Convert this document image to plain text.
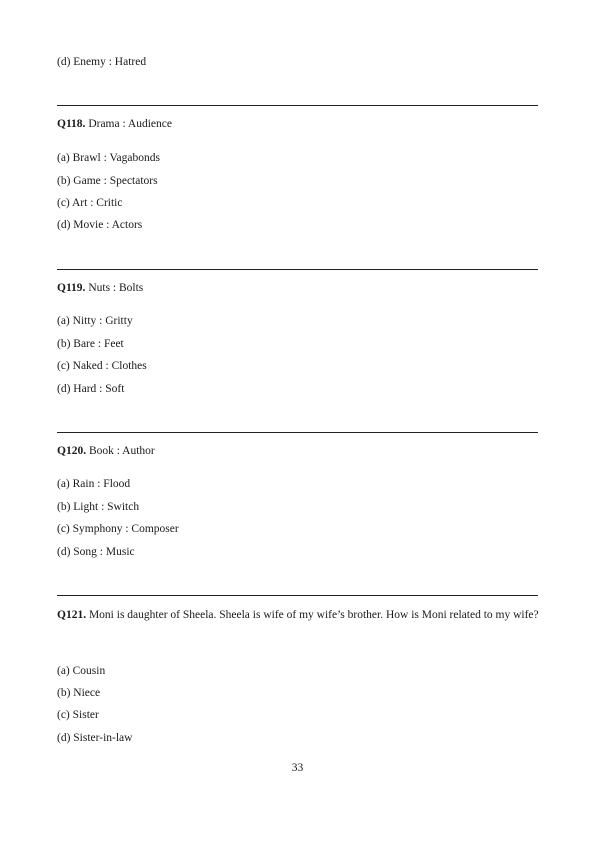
(d) Enemy : Hatred
Q118. Drama : Audience
(a) Brawl : Vagabonds
(b) Game : Spectators
(c) Art : Critic
(d) Movie : Actors
Q119. Nuts : Bolts
(a) Nitty : Gritty
(b) Bare : Feet
(c) Naked : Clothes
(d) Hard : Soft
Q120. Book : Author
(a) Rain : Flood
(b) Light : Switch
(c) Symphony : Composer
(d) Song : Music
Q121. Moni is daughter of Sheela. Sheela is wife of my wife’s brother. How is Moni related to my wife?
(a) Cousin
(b) Niece
(c) Sister
(d) Sister-in-law
33
